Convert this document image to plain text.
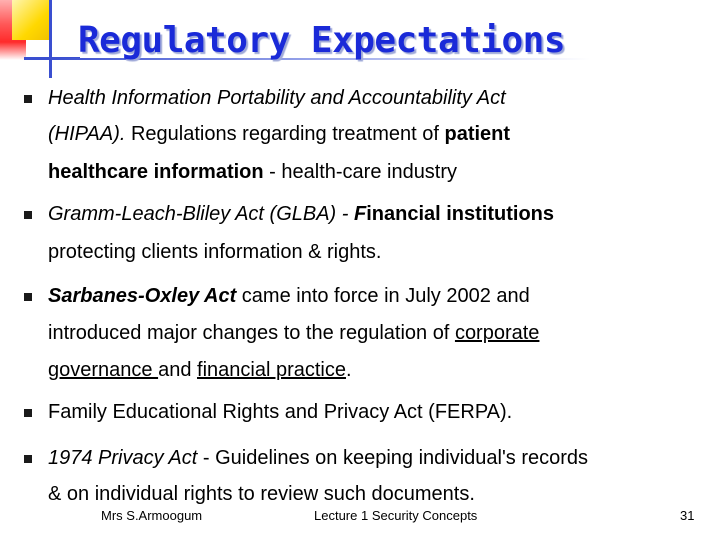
Regulatory Expectations
Health Information Portability and Accountability Act
(HIPAA). Regulations regarding treatment of patient
healthcare information - health-care industry
Gramm-Leach-Bliley Act (GLBA) - Financial institutions
protecting clients information & rights.
Sarbanes-Oxley Act came into force in July 2002 and
introduced major changes to the regulation of corporate
governance and financial practice.
Family Educational Rights and Privacy Act (FERPA).
1974 Privacy Act - Guidelines on keeping individual's records
& on individual rights to review such documents.
Mrs S.Armoogum	Lecture 1 Security Concepts	31
